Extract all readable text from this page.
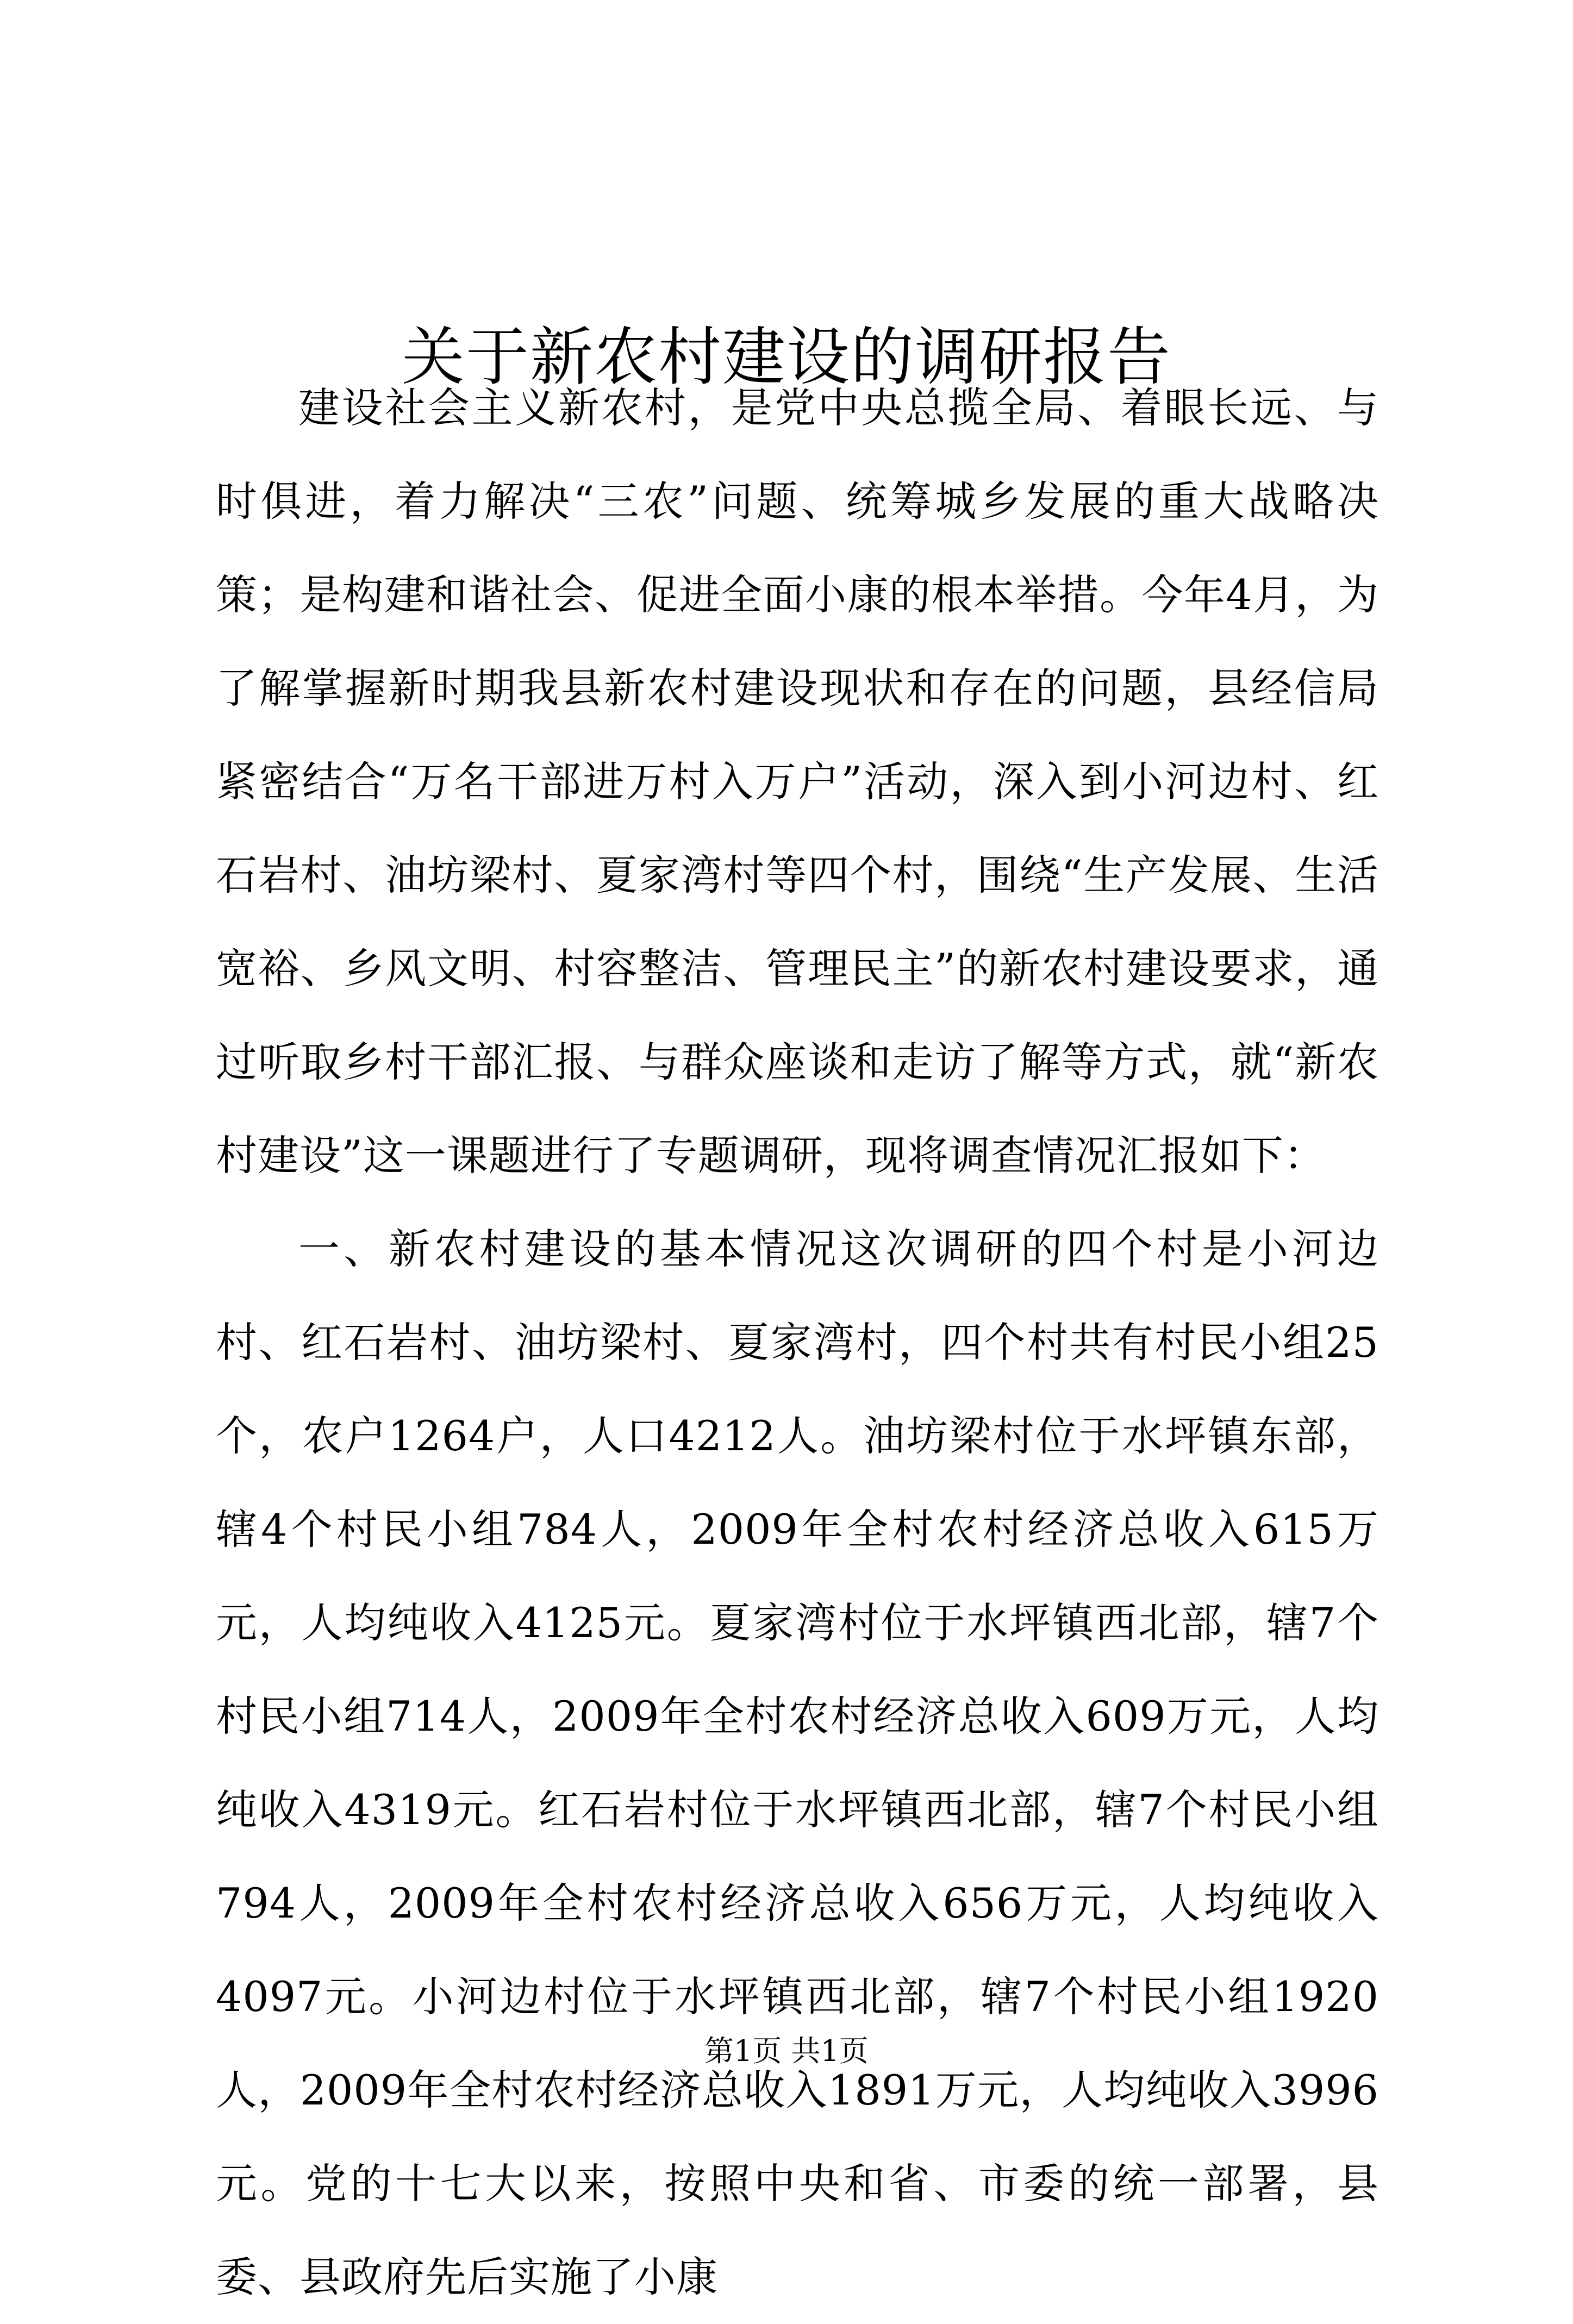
关于新农村建设的调研报告

建设社会主义新农村，是党中央总揽全局、着眼长远、与时俱进，着力解决“三农”问题、统筹城乡发展的重大战略决策；是构建和谐社会、促进全面小康的根本举措。今年4月，为了解掌握新时期我县新农村建设现状和存在的问题，县经信局紧密结合“万名干部进万村入万户”活动，深入到小河边村、红石岩村、油坊梁村、夏家湾村等四个村，围绕“生产发展、生活宽裕、乡风文明、村容整洁、管理民主”的新农村建设要求，通过听取乡村干部汇报、与群众座谈和走访了解等方式，就“新农村建设”这一课题进行了专题调研，现将调查情况汇报如下：

一、新农村建设的基本情况这次调研的四个村是小河边村、红石岩村、油坊梁村、夏家湾村，四个村共有村民小组25个，农户1264户，人口4212人。油坊梁村位于水坪镇东部，辖4个村民小组784人，2009年全村农村经济总收入615万元，人均纯收入4125元。夏家湾村位于水坪镇西北部，辖7个村民小组714人，2009年全村农村经济总收入609万元，人均纯收入4319元。红石岩村位于水坪镇西北部，辖7个村民小组794人，2009年全村农村经济总收入656万元，人均纯收入4097元。小河边村位于水坪镇西北部，辖7个村民小组1920人，2009年全村农村经济总收入1891万元，人均纯收入3996元。党的十七大以来，按照中央和省、市委的统一部署，县委、县政府先后实施了小康

第1页 共1页
